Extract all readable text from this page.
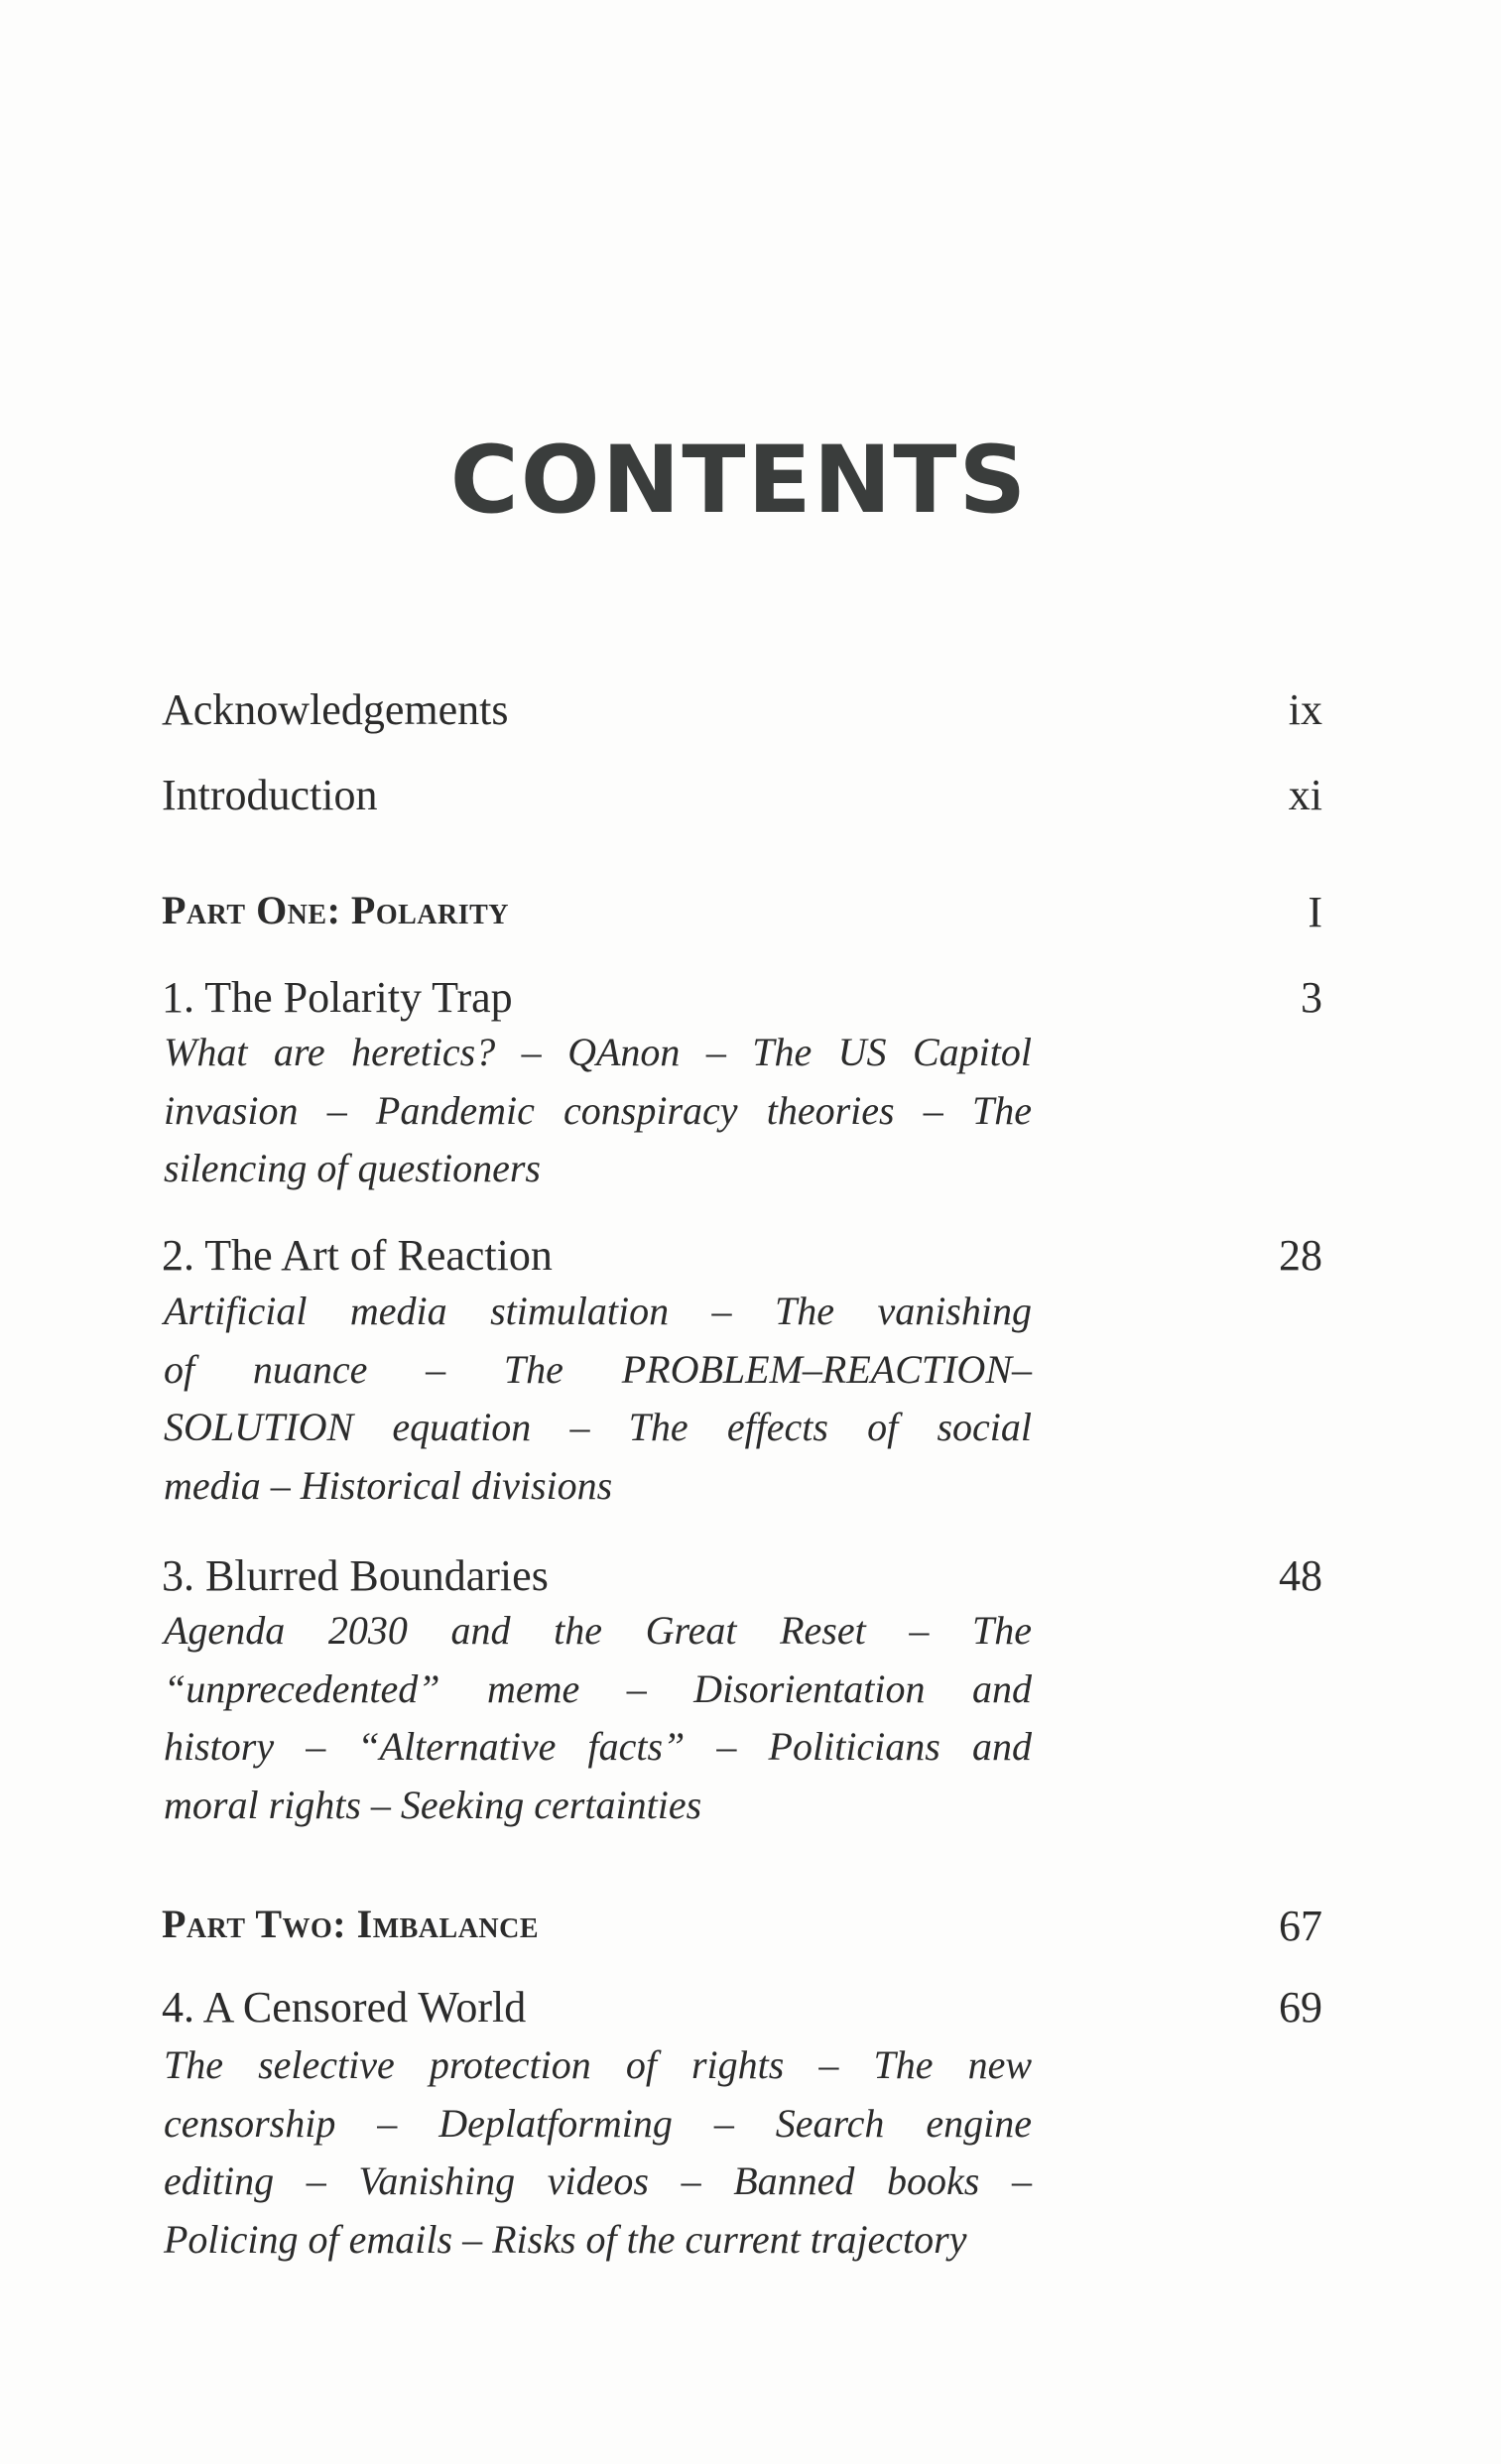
CONTENTS
Acknowledgements	ix
Introduction	xi
Part One: Polarity	I
1. The Polarity Trap	3
What are heretics? – QAnon – The US Capitol
invasion – Pandemic conspiracy theories – The
silencing of questioners
2. The Art of Reaction	28
Artificial media stimulation – The vanishing
of nuance – The PROBLEM–REACTION–
SOLUTION equation – The effects of social
media – Historical divisions
3. Blurred Boundaries	48
Agenda 2030 and the Great Reset – The
“unprecedented” meme – Disorientation and
history – “Alternative facts” – Politicians and
moral rights – Seeking certainties
Part Two: Imbalance	67
4. A Censored World	69
The selective protection of rights – The new
censorship – Deplatforming – Search engine
editing – Vanishing videos – Banned books –
Policing of emails – Risks of the current trajectory
